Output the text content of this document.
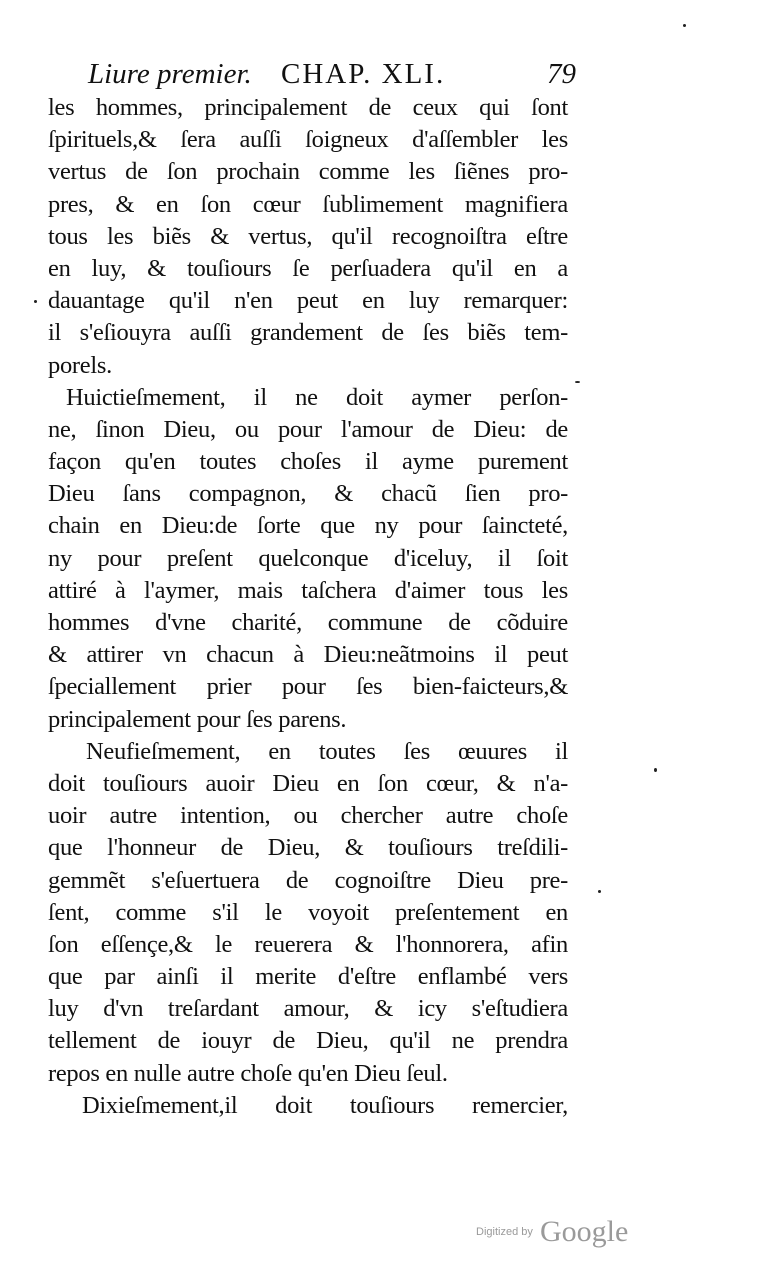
Liure premier. CHAP. XLI.	79
les hommes, principalement de ceux qui ſont
ſpirituels,& ſera auſſi ſoigneux d'aſſembler les
vertus de ſon prochain comme les ſiẽnes pro-
pres, & en ſon cœur ſublimement magnifiera
tous les biẽs & vertus, qu'il recognoiſtra eſtre
en luy, & touſiours ſe perſuadera qu'il en a
dauantage qu'il n'en peut en luy remarquer:
il s'eſiouyra auſſi grandement de ſes biẽs tem-
porels.
Huictieſmement, il ne doit aymer perſon-
ne, ſinon Dieu, ou pour l'amour de Dieu: de
façon qu'en toutes choſes il ayme purement
Dieu ſans compagnon, & chacũ ſien pro-
chain en Dieu:de ſorte que ny pour ſaincteté,
ny pour preſent quelconque d'iceluy, il ſoit
attiré à l'aymer, mais taſchera d'aimer tous les
hommes d'vne charité, commune de cõduire
& attirer vn chacun à Dieu:neãtmoins il peut
ſpeciallement prier pour ſes bien-faicteurs,&
principalement pour ſes parens.
Neufieſmement, en toutes ſes œuures il
doit touſiours auoir Dieu en ſon cœur, & n'a-
uoir autre intention, ou chercher autre choſe
que l'honneur de Dieu, & touſiours treſdili-
gemmẽt s'eſuertuera de cognoiſtre Dieu pre-
ſent, comme s'il le voyoit preſentement en
ſon eſſençe,& le reuerera & l'honnorera, afin
que par ainſi il merite d'eſtre enflambé vers
luy d'vn treſardant amour, & icy s'eſtudiera
tellement de iouyr de Dieu, qu'il ne prendra
repos en nulle autre choſe qu'en Dieu ſeul.
Dixieſmement,il doit touſiours remercier,
Digitized by Google
